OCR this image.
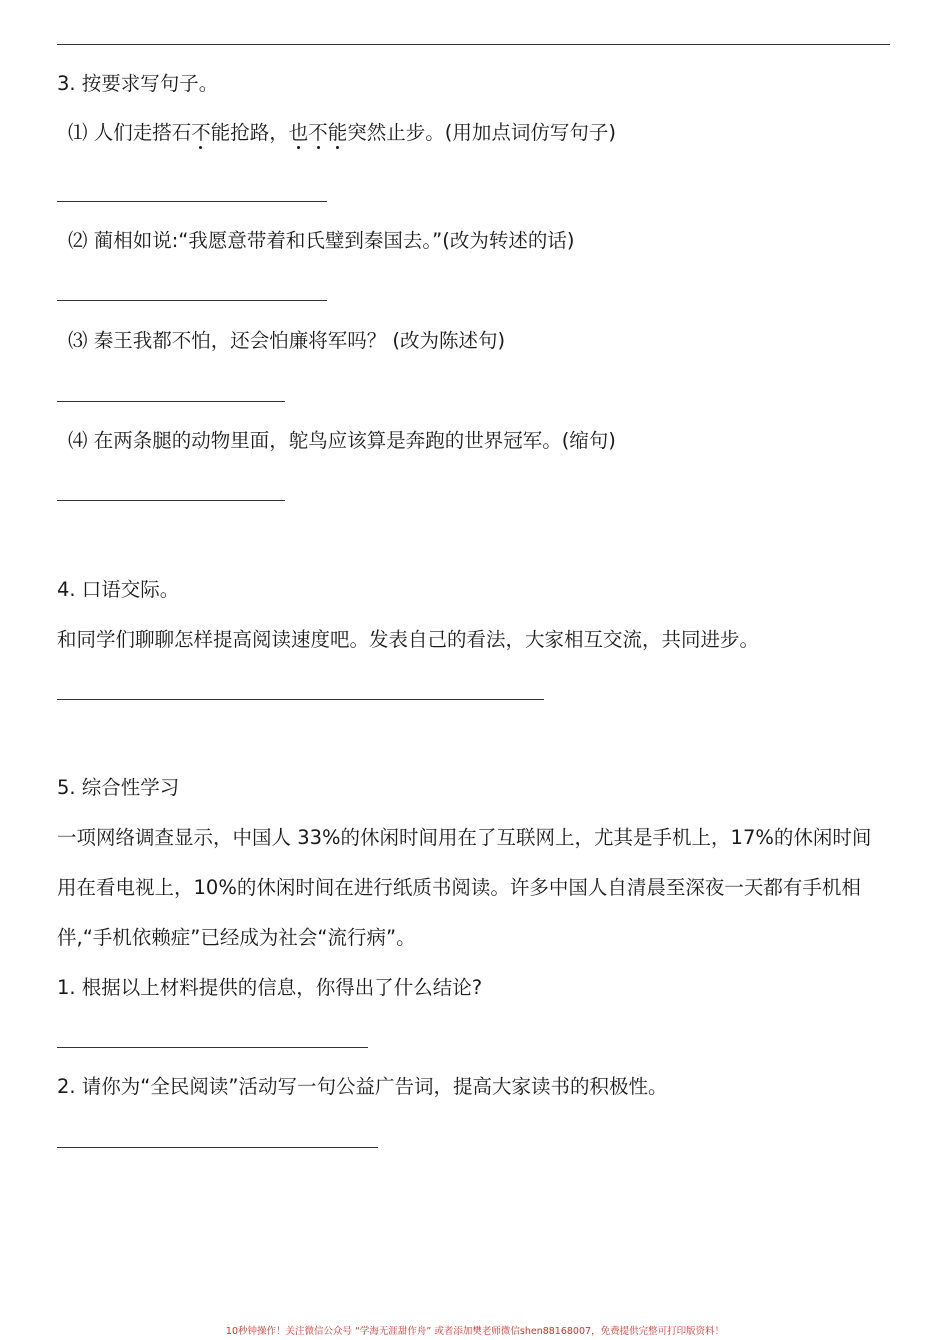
3. 按要求写句子。
⑴ 人们走搭石不能抢路，也不能突然止步。(用加点词仿写句子)
⑵ 蔺相如说:“我愿意带着和氏璧到秦国去。”(改为转述的话)
⑶ 秦王我都不怕，还会怕廉将军吗？ (改为陈述句)
⑷ 在两条腿的动物里面，鸵鸟应该算是奔跑的世界冠军。(缩句)
4. 口语交际。
和同学们聊聊怎样提高阅读速度吧。发表自己的看法，大家相互交流，共同进步。
5. 综合性学习
一项网络调查显示，中国人 33%的休闲时间用在了互联网上，尤其是手机上，17%的休闲时间
用在看电视上，10%的休闲时间在进行纸质书阅读。许多中国人自清晨至深夜一天都有手机相
伴,“手机依赖症”已经成为社会“流行病”。
1. 根据以上材料提供的信息，你得出了什么结论?
2. 请你为“全民阅读”活动写一句公益广告词，提高大家读书的积极性。
10秒钟操作！关注微信公众号 “学海无涯甜作舟” 或者添加樊老师微信shen88168007，免费提供完整可打印版资料！
